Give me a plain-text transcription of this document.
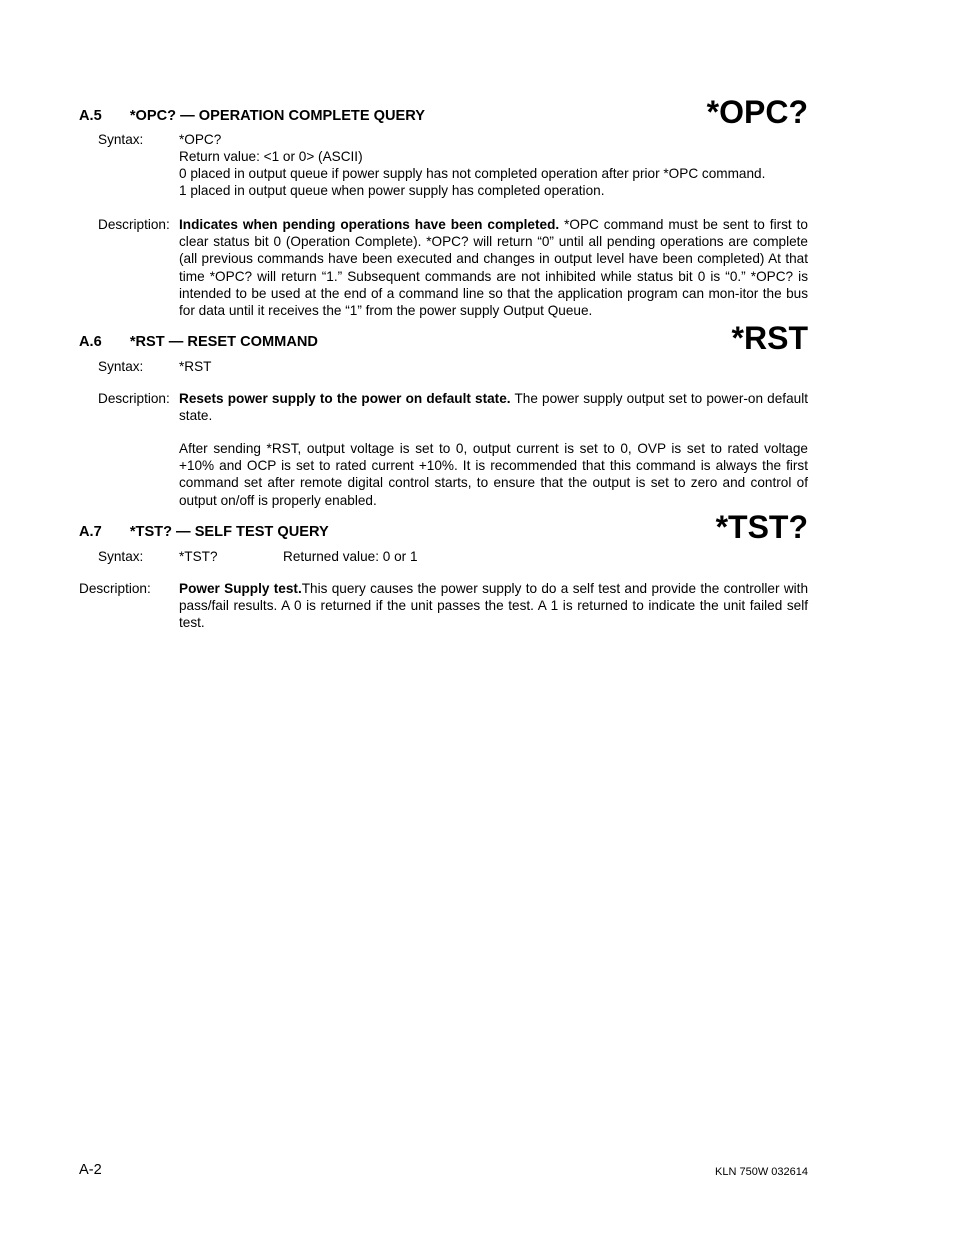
A.5 *OPC? — OPERATION COMPLETE QUERY	*OPC?
Syntax:	*OPC?
Return value: <1 or 0> (ASCII)
0 placed in output queue if power supply has not completed operation after prior *OPC command.
1 placed in output queue when power supply has completed operation.
Description: Indicates when pending operations have been completed. *OPC command must be sent to first to clear status bit 0 (Operation Complete). *OPC? will return “0” until all pending operations are complete (all previous commands have been executed and changes in output level have been completed) At that time *OPC? will return “1.” Subsequent commands are not inhibited while status bit 0 is “0.” *OPC? is intended to be used at the end of a command line so that the application program can mon-itor the bus for data until it receives the “1” from the power supply Output Queue.
A.6 *RST — RESET COMMAND	*RST
Syntax:	*RST
Description: Resets power supply to the power on default state. The power supply output set to power-on default state.
After sending *RST, output voltage is set to 0, output current is set to 0, OVP is set to rated voltage +10% and OCP is set to rated current +10%. It is recommended that this command is always the first command set after remote digital control starts, to ensure that the output is set to zero and control of output on/off is properly enabled.
A.7 *TST? — SELF TEST QUERY	*TST?
Syntax:	*TST?	Returned value: 0 or 1
Description: Power Supply test.This query causes the power supply to do a self test and provide the controller with pass/fail results. A 0 is returned if the unit passes the test. A 1 is returned to indicate the unit failed self test.
A-2	KLN 750W 032614
